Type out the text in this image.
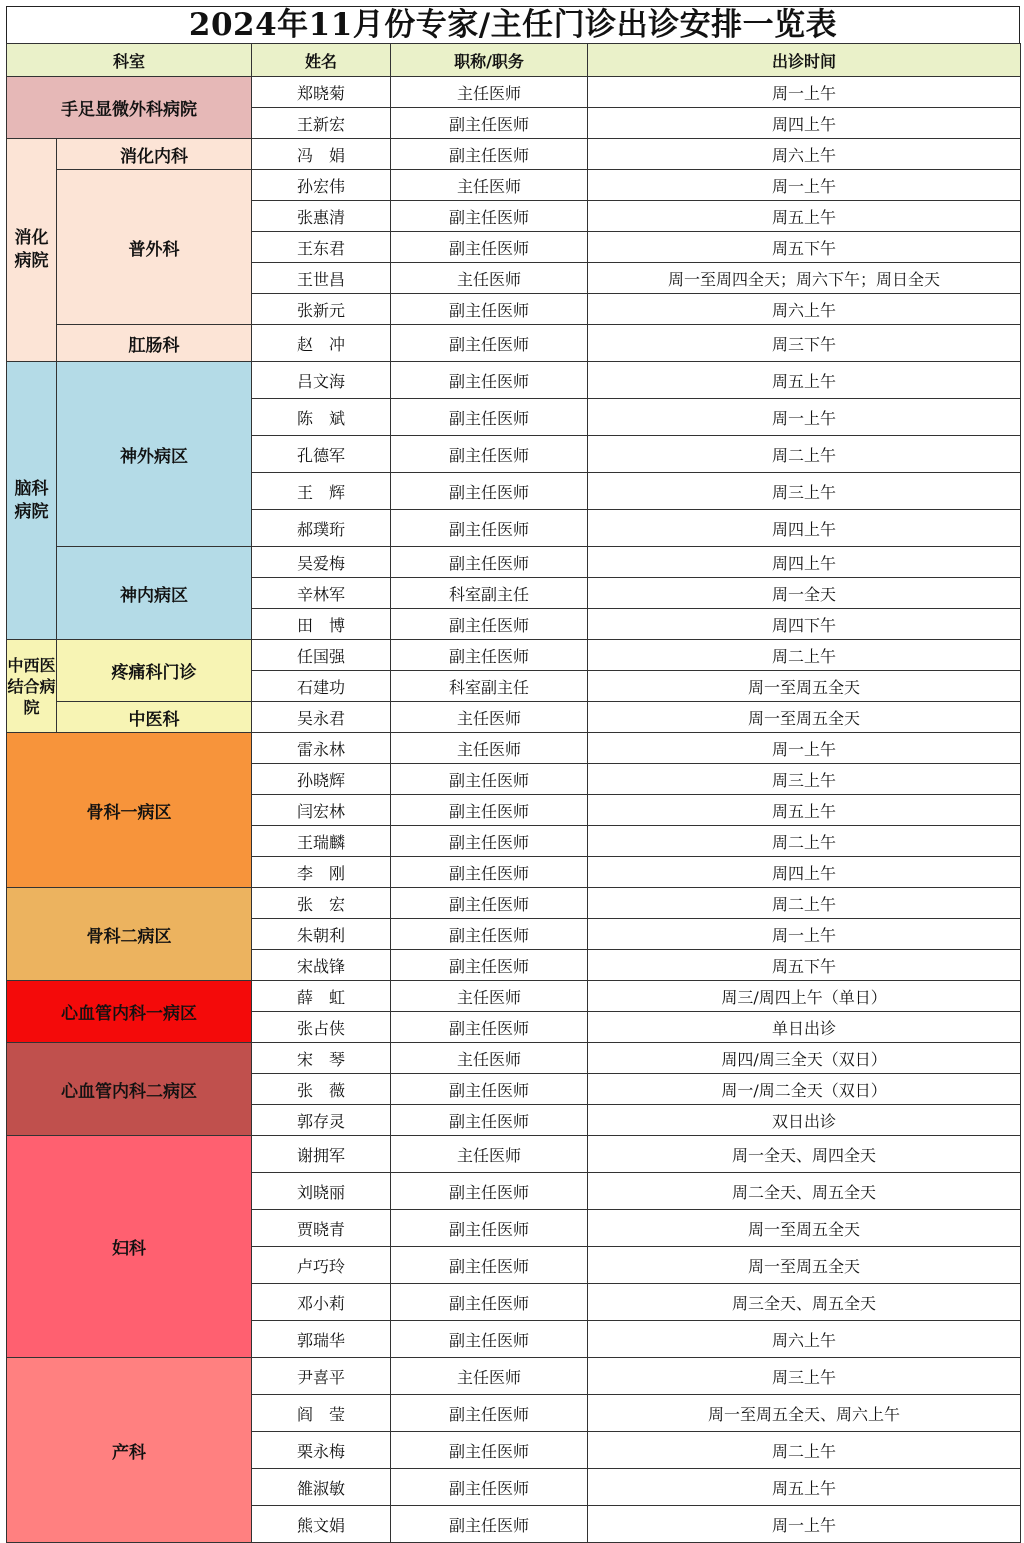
2024年11月份专家/主任门诊出诊安排一览表
科室		姓名	职称/职务	出诊时间
手足显微外科病院		郑晓菊	主任医师	周一上午
		王新宏	副主任医师	周四上午
消化病院	消化内科	冯　娟	副主任医师	周六上午
	普外科	孙宏伟	主任医师	周一上午
		张惠清	副主任医师	周五上午
		王东君	副主任医师	周五下午
		王世昌	主任医师	周一至周四全天；周六下午；周日全天
		张新元	副主任医师	周六上午
	肛肠科	赵　冲	副主任医师	周三下午
脑科病院	神外病区	吕文海	副主任医师	周五上午
		陈　斌	副主任医师	周一上午
		孔德军	副主任医师	周二上午
		王　辉	副主任医师	周三上午
		郝璞珩	副主任医师	周四上午
	神内病区	吴爱梅	副主任医师	周四上午
		辛林军	科室副主任	周一全天
		田　博	副主任医师	周四下午
中西医结合病院	疼痛科门诊	任国强	副主任医师	周二上午
		石建功	科室副主任	周一至周五全天
	中医科	吴永君	主任医师	周一至周五全天
骨科一病区		雷永林	主任医师	周一上午
		孙晓辉	副主任医师	周三上午
		闫宏林	副主任医师	周五上午
		王瑞麟	副主任医师	周二上午
		李　刚	副主任医师	周四上午
骨科二病区		张　宏	副主任医师	周二上午
		朱朝利	副主任医师	周一上午
		宋战锋	副主任医师	周五下午
心血管内科一病区		薛　虹	主任医师	周三/周四上午（单日）
		张占侠	副主任医师	单日出诊
心血管内科二病区		宋　琴	主任医师	周四/周三全天（双日）
		张　薇	副主任医师	周一/周二全天（双日）
		郭存灵	副主任医师	双日出诊
妇科		谢拥军	主任医师	周一全天、周四全天
		刘晓丽	副主任医师	周二全天、周五全天
		贾晓青	副主任医师	周一至周五全天
		卢巧玲	副主任医师	周一至周五全天
		邓小莉	副主任医师	周三全天、周五全天
		郭瑞华	副主任医师	周六上午
产科		尹喜平	主任医师	周三上午
		阎　莹	副主任医师	周一至周五全天、周六上午
		栗永梅	副主任医师	周二上午
		雒淑敏	副主任医师	周五上午
		熊文娟	副主任医师	周一上午
